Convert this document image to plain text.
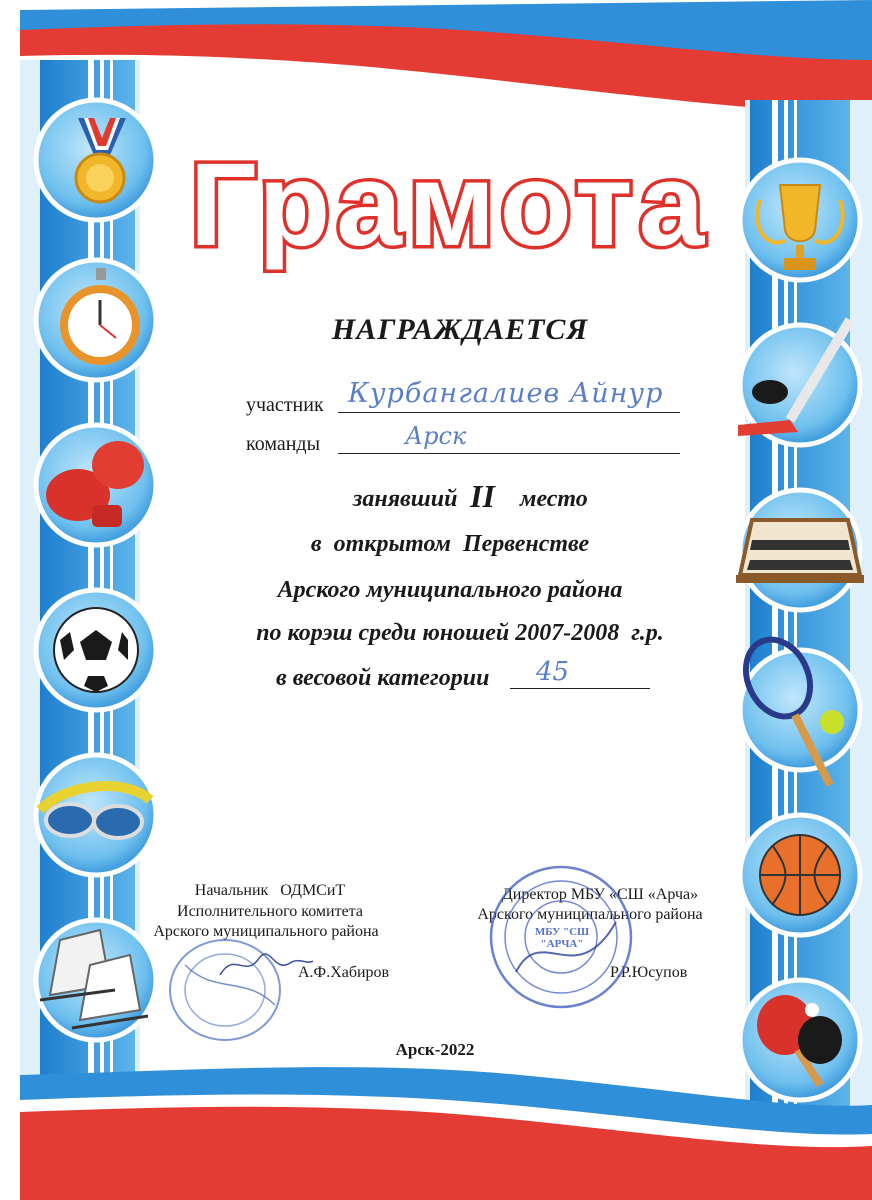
Грамота
НАГРАЖДАЕТСЯ
участник Курбангалиев Айнур
команды	Арск
занявший II место
в  открытом  Первенстве
Арского муниципального района
по корэш среди юношей 2007-2008  г.р.
в весовой категории 45
Начальник   ОДМСиТ
Исполнительного комитета
Арского муниципального района
А.Ф.Хабиров
Директор МБУ «СШ «Арча»
Арского муниципального района
Р.Р.Юсупов
МБУ "СШ "АРЧА"
Арск-2022
